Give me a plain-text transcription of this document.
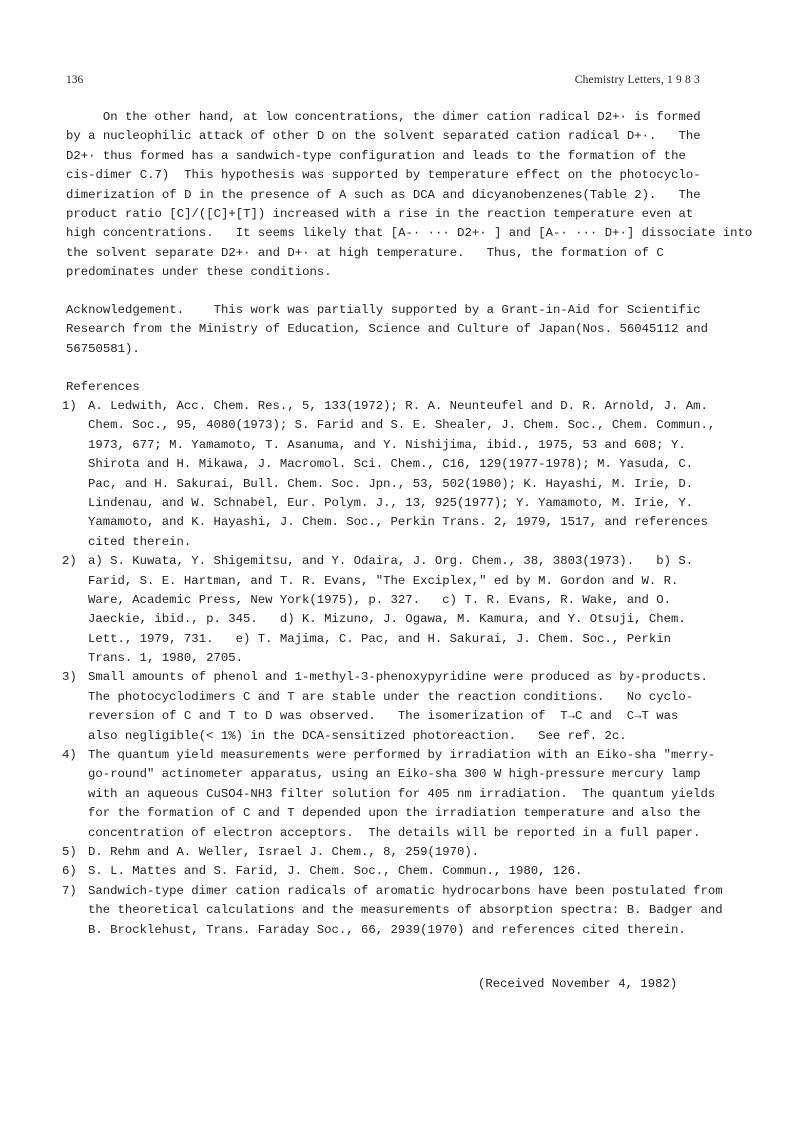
136	Chemistry Letters, 1 9 8 3
On the other hand, at low concentrations, the dimer cation radical D2+· is formed
by a nucleophilic attack of other D on the solvent separated cation radical D+·.   The
D2+· thus formed has a sandwich-type configuration and leads to the formation of the
cis-dimer C.7)  This hypothesis was supported by temperature effect on the photocyclo-
dimerization of D in the presence of A such as DCA and dicyanobenzenes(Table 2).   The
product ratio [C]/([C]+[T]) increased with a rise in the reaction temperature even at
high concentrations.   It seems likely that [A-· ··· D2+· ] and [A-· ··· D+·] dissociate into
the solvent separate D2+· and D+· at high temperature.   Thus, the formation of C
predominates under these conditions.
Acknowledgement.    This work was partially supported by a Grant-in-Aid for Scientific
Research from the Ministry of Education, Science and Culture of Japan(Nos. 56045112 and
56750581).
References
1) A. Ledwith, Acc. Chem. Res., 5, 133(1972); R. A. Neunteufel and D. R. Arnold, J. Am.
Chem. Soc., 95, 4080(1973); S. Farid and S. E. Shealer, J. Chem. Soc., Chem. Commun.,
1973, 677; M. Yamamoto, T. Asanuma, and Y. Nishijima, ibid., 1975, 53 and 608; Y.
Shirota and H. Mikawa, J. Macromol. Sci. Chem., C16, 129(1977-1978); M. Yasuda, C.
Pac, and H. Sakurai, Bull. Chem. Soc. Jpn., 53, 502(1980); K. Hayashi, M. Irie, D.
Lindenau, and W. Schnabel, Eur. Polym. J., 13, 925(1977); Y. Yamamoto, M. Irie, Y.
Yamamoto, and K. Hayashi, J. Chem. Soc., Perkin Trans. 2, 1979, 1517, and references
cited therein.
2) a) S. Kuwata, Y. Shigemitsu, and Y. Odaira, J. Org. Chem., 38, 3803(1973).   b) S.
Farid, S. E. Hartman, and T. R. Evans, "The Exciplex," ed by M. Gordon and W. R.
Ware, Academic Press, New York(1975), p. 327.   c) T. R. Evans, R. Wake, and O.
Jaeckie, ibid., p. 345.   d) K. Mizuno, J. Ogawa, M. Kamura, and Y. Otsuji, Chem.
Lett., 1979, 731.   e) T. Majima, C. Pac, and H. Sakurai, J. Chem. Soc., Perkin
Trans. 1, 1980, 2705.
3) Small amounts of phenol and 1-methyl-3-phenoxypyridine were produced as by-products.
The photocyclodimers C and T are stable under the reaction conditions.   No cyclo-
reversion of C and T to D was observed.   The isomerization of  T→C and  C→T was
also negligible(< 1%) in the DCA-sensitized photoreaction.   See ref. 2c.
4) The quantum yield measurements were performed by irradiation with an Eiko-sha "merry-
go-round" actinometer apparatus, using an Eiko-sha 300 W high-pressure mercury lamp
with an aqueous CuSO4-NH3 filter solution for 405 nm irradiation.  The quantum yields
for the formation of C and T depended upon the irradiation temperature and also the
concentration of electron acceptors.  The details will be reported in a full paper.
5) D. Rehm and A. Weller, Israel J. Chem., 8, 259(1970).
6) S. L. Mattes and S. Farid, J. Chem. Soc., Chem. Commun., 1980, 126.
7) Sandwich-type dimer cation radicals of aromatic hydrocarbons have been postulated from
the theoretical calculations and the measurements of absorption spectra: B. Badger and
B. Brocklehust, Trans. Faraday Soc., 66, 2939(1970) and references cited therein.
(Received November 4, 1982)
